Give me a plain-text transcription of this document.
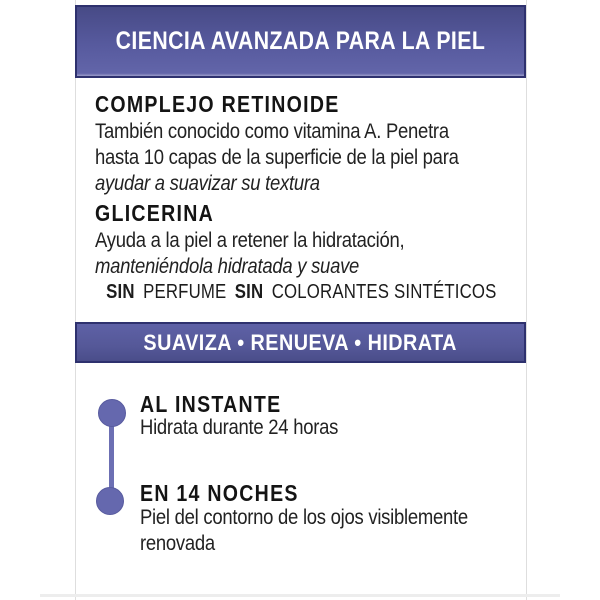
CIENCIA AVANZADA PARA LA PIEL
COMPLEJO RETINOIDE
También conocido como vitamina A. Penetra
hasta 10 capas de la superficie de la piel para
ayudar a suavizar su textura
GLICERINA
Ayuda a la piel a retener la hidratación,
manteniéndola hidratada y suave
SIN PERFUME SIN COLORANTES SINTÉTICOS
SUAVIZA • RENUEVA • HIDRATA
AL INSTANTE
Hidrata durante 24 horas
EN 14 NOCHES
Piel del contorno de los ojos visiblemente
renovada
